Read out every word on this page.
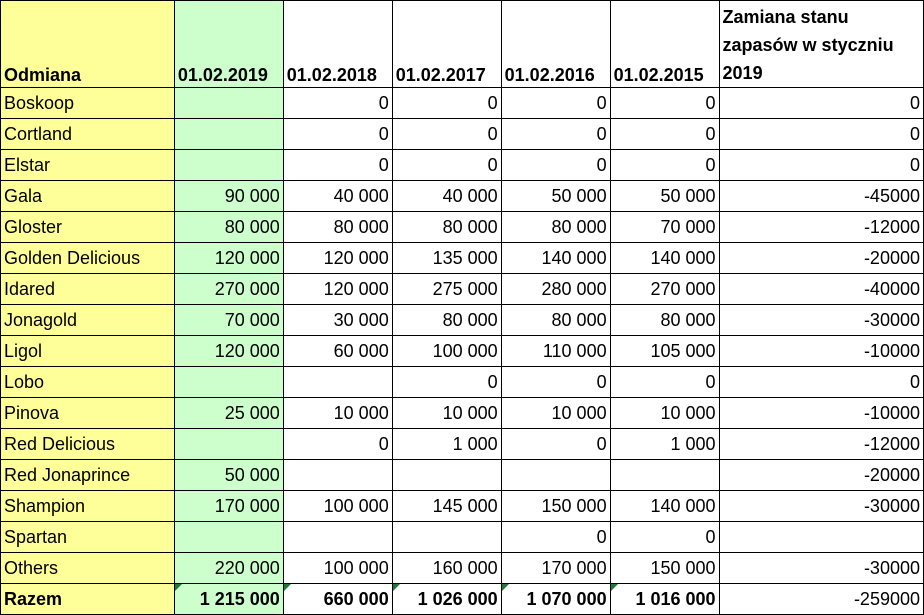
Odmiana	01.02.2019	01.02.2018	01.02.2017	01.02.2016	01.02.2015	Zamiana stanu zapasów w styczniu 2019
Boskoop		0	0	0	0	0
Cortland		0	0	0	0	0
Elstar		0	0	0	0	0
Gala	90 000	40 000	40 000	50 000	50 000	-45000
Gloster	80 000	80 000	80 000	80 000	70 000	-12000
Golden Delicious	120 000	120 000	135 000	140 000	140 000	-20000
Idared	270 000	120 000	275 000	280 000	270 000	-40000
Jonagold	70 000	30 000	80 000	80 000	80 000	-30000
Ligol	120 000	60 000	100 000	110 000	105 000	-10000
Lobo			0	0	0	0
Pinova	25 000	10 000	10 000	10 000	10 000	-10000
Red Delicious		0	1 000	0	1 000	-12000
Red Jonaprince	50 000					-20000
Shampion	170 000	100 000	145 000	150 000	140 000	-30000
Spartan				0	0	
Others	220 000	100 000	160 000	170 000	150 000	-30000
Razem	1 215 000	660 000	1 026 000	1 070 000	1 016 000	-259000
